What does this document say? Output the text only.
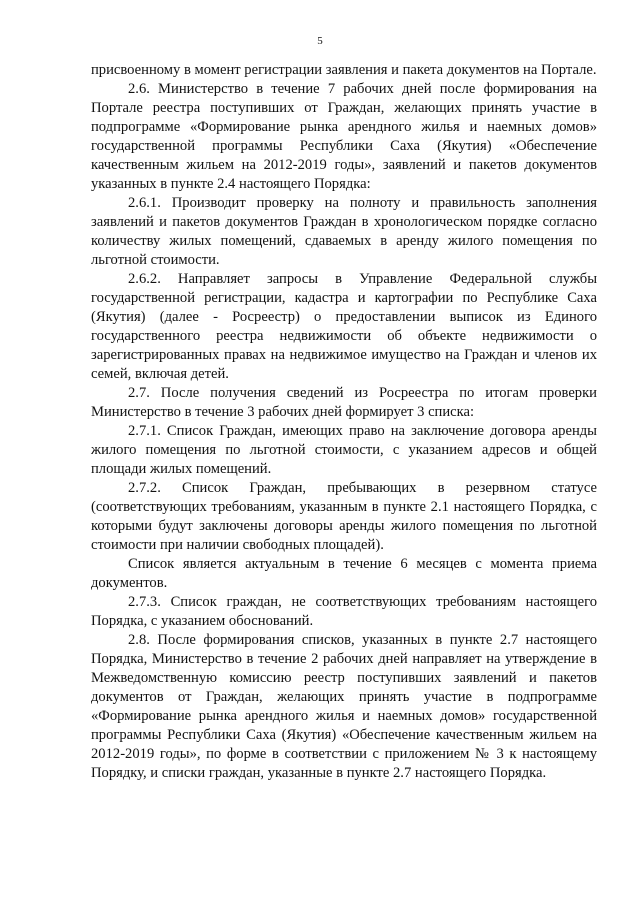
5

присвоенному в момент регистрации заявления и пакета документов на Порталe.

2.6. Министерство в течение 7 рабочих дней после формирования на Портале реестра поступивших от Граждан, желающих принять участие в подпрограмме «Формирование рынка арендного жилья и наемных домов» государственной программы Республики Саха (Якутия) «Обеспечение качественным жильем на 2012-2019 годы», заявлений и пакетов документов указанных в пункте 2.4 настоящего Порядка:

2.6.1. Производит проверку на полноту и правильность заполнения заявлений и пакетов документов Граждан в хронологическом порядке согласно количеству жилых помещений, сдаваемых в аренду жилого помещения по льготной стоимости.

2.6.2. Направляет запросы в Управление Федеральной службы государственной регистрации, кадастра и картографии по Республике Саха (Якутия) (далее - Росреестр) о предоставлении выписок из Единого государственного реестра недвижимости об объекте недвижимости о зарегистрированных правах на недвижимое имущество на Граждан и членов их семей, включая детей.

2.7. После получения сведений из Росреестра по итогам проверки Министерство в течение 3 рабочих дней формирует 3 списка:

2.7.1. Список Граждан, имеющих право на заключение договора аренды жилого помещения по льготной стоимости, с указанием адресов и общей площади жилых помещений.

2.7.2. Список Граждан, пребывающих в резервном статусе (соответствующих требованиям, указанным в пункте 2.1 настоящего Порядка, с которыми будут заключены договоры аренды жилого помещения по льготной стоимости при наличии свободных площадей).

Список является актуальным в течение 6 месяцев с момента приема документов.

2.7.3. Список граждан, не соответствующих требованиям настоящего Порядка, с указанием обоснований.

2.8. После формирования списков, указанных в пункте 2.7 настоящего Порядка, Министерство в течение 2 рабочих дней направляет на утверждение в Межведомственную комиссию реестр поступивших заявлений и пакетов документов от Граждан, желающих принять участие в подпрограмме «Формирование рынка арендного жилья и наемных домов» государственной программы Республики Саха (Якутия) «Обеспечение качественным жильем на 2012-2019 годы», по форме в соответствии с приложением № 3 к настоящему Порядку, и списки граждан, указанные в пункте 2.7 настоящего Порядка.
